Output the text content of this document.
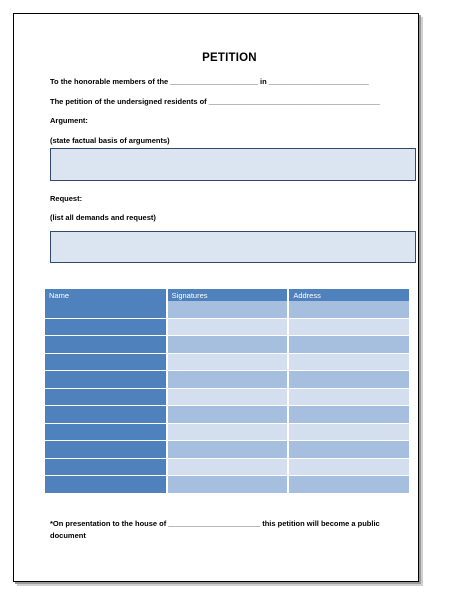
PETITION
To the honorable members of the _____________________ in ________________________
The petition of the undersigned residents of _________________________________________
Argument:
(state factual basis of arguments)
Request:
(list all demands and request)
Name	Signatures	Address

*On presentation to the house of ______________________ this petition will become a public document
